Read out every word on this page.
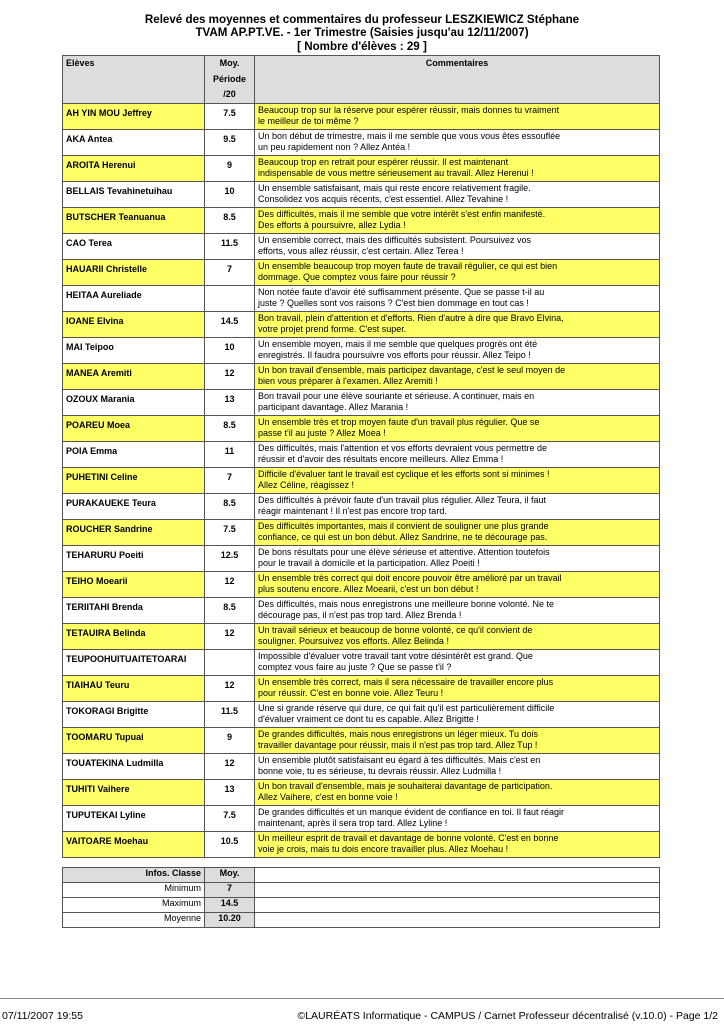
Relevé des moyennes et commentaires du professeur LESZKIEWICZ Stéphane
TVAM AP.PT.VE. - 1er Trimestre (Saisies jusqu'au 12/11/2007)
[ Nombre d'élèves : 29 ]
Elèves	Moy.
Période
/20	Commentaires
AH YIN MOU Jeffrey	7.5	Beaucoup trop sur la réserve pour espérer réussir, mais donnes tu vraiment
le meilleur de toi même ?

AKA Antea	9.5	Un bon début de trimestre, mais il me semble que vous vous êtes essouflée
un peu rapidement non ? Allez Antéa !

AROITA Herenui	9	Beaucoup trop en retrait pour espérer réussir. Il est maintenant
indispensable de vous mettre sérieusement au travail. Allez Herenui !

BELLAIS Tevahinetuihau	10	Un ensemble satisfaisant, mais qui reste encore relativement fragile.
Consolidez vos acquis récents, c'est essentiel. Allez Tevahine !

BUTSCHER Teanuanua	8.5	Des difficultés, mais il me semble que votre intérêt s'est enfin manifesté.
Des efforts à poursuivre, allez Lydia !

CAO Terea	11.5	Un ensemble correct, mais des difficultés subsistent. Poursuivez vos
efforts, vous allez réussir, c'est certain. Allez Terea !

HAUARII Christelle	7	Un ensemble beaucoup trop moyen faute de travail régulier, ce qui est bien
dommage. Que comptez vous faire pour réussir ?

HEITAA Aureliade		Non notée faute d'avoir été suffisamment présente. Que se passe t-il au
juste ? Quelles sont vos raisons ? C'est bien dommage en tout cas !

IOANE Elvina	14.5	Bon travail, plein d'attention et d'efforts. Rien d'autre à dire que Bravo Elvina,
votre projet prend forme. C'est super.

MAI Teipoo	10	Un ensemble moyen, mais il me semble que quelques progrès ont été
enregistrés. Il faudra poursuivre vos efforts pour réussir. Allez Teipo !

MANEA Aremiti	12	Un bon travail d'ensemble, mais participez davantage, c'est le seul moyen de
bien vous préparer à l'examen. Allez Aremiti !

OZOUX Marania	13	Bon travail pour une élève souriante et sérieuse. A continuer, mais en
participant davantage. Allez Marania !

POAREU Moea	8.5	Un ensemble très et trop moyen faute d'un travail plus régulier. Que se
passe t'il au juste ? Allez Moea !

POIA Emma	11	Des difficultés, mais l'attention et vos efforts devraient vous permettre de
réussir et d'avoir des résultats encore meilleurs. Allez Emma !

PUHETINI Celine	7	Difficile d'évaluer tant le travail est cyclique et les efforts sont si minimes !
Allez Céline, réagissez !

PURAKAUEKE Teura	8.5	Des difficultés à prévoir faute d'un travail plus régulier. Allez Teura, il faut
réagir maintenant ! Il n'est pas encore trop tard.

ROUCHER Sandrine	7.5	Des difficultés importantes, mais il convient de souligner une plus grande
confiance, ce qui est un bon début. Allez Sandrine, ne te décourage pas.

TEHARURU Poeiti	12.5	De bons résultats pour une élève sérieuse et attentive. Attention toutefois
pour le travail à domicile et la participation. Allez Poeiti !

TEIHO Moearii	12	Un ensemble très correct qui doit encore pouvoir être amélioré par un travail
plus soutenu encore. Allez Moearii, c'est un bon début !

TERIITAHI Brenda	8.5	Des difficultés, mais nous enregistrons une meilleure bonne volonté. Ne te
décourage pas, il n'est pas trop tard. Allez Brenda !

TETAUIRA Belinda	12	Un travail sérieux et beaucoup de bonne volonté, ce qu'il convient de
souligner. Poursuivez vos efforts. Allez Belinda !

TEUPOOHUITUAITETOARAI		Impossible d'évaluer votre travail tant votre désintérêt est grand. Que
comptez vous faire au juste ? Que se passe t'il ?

TIAIHAU Teuru	12	Un ensemble très correct, mais il sera nécessaire de travailler encore plus
pour réussir. C'est en bonne voie. Allez Teuru !

TOKORAGI Brigitte	11.5	Une si grande réserve qui dure, ce qui fait qu'il est particulièrement difficile
d'évaluer vraiment ce dont tu es capable. Allez Brigitte !

TOOMARU Tupuai	9	De grandes difficultés, mais nous enregistrons un léger mieux. Tu dois
travailler davantage pour réussir, mais il n'est pas trop tard. Allez Tup !

TOUATEKINA Ludmilla	12	Un ensemble plutôt satisfaisant eu égard à tes difficultés. Mais c'est en
bonne voie, tu es sérieuse, tu devrais réussir. Allez Ludmilla !

TUHITI Vaihere	13	Un bon travail d'ensemble, mais je souhaiterai davantage de participation.
Allez Vaihere, c'est en bonne voie !

TUPUTEKAI Lyline	7.5	De grandes difficultés et un manque évident de confiance en toi. Il faut réagir
maintenant, après il sera trop tard. Allez Lyline !

VAITOARE Moehau	10.5	Un meilleur esprit de travail et davantage de bonne volonté. C'est en bonne
voie je crois, mais tu dois encore travailler plus. Allez Moehau !

Infos. Classe	Moy.	
Minimum	7	
Maximum	14.5	
Moyenne	10.20	
07/11/2007 19:55	©LAURÉATS Informatique - CAMPUS / Carnet Professeur décentralisé (v.10.0) - Page 1/2
